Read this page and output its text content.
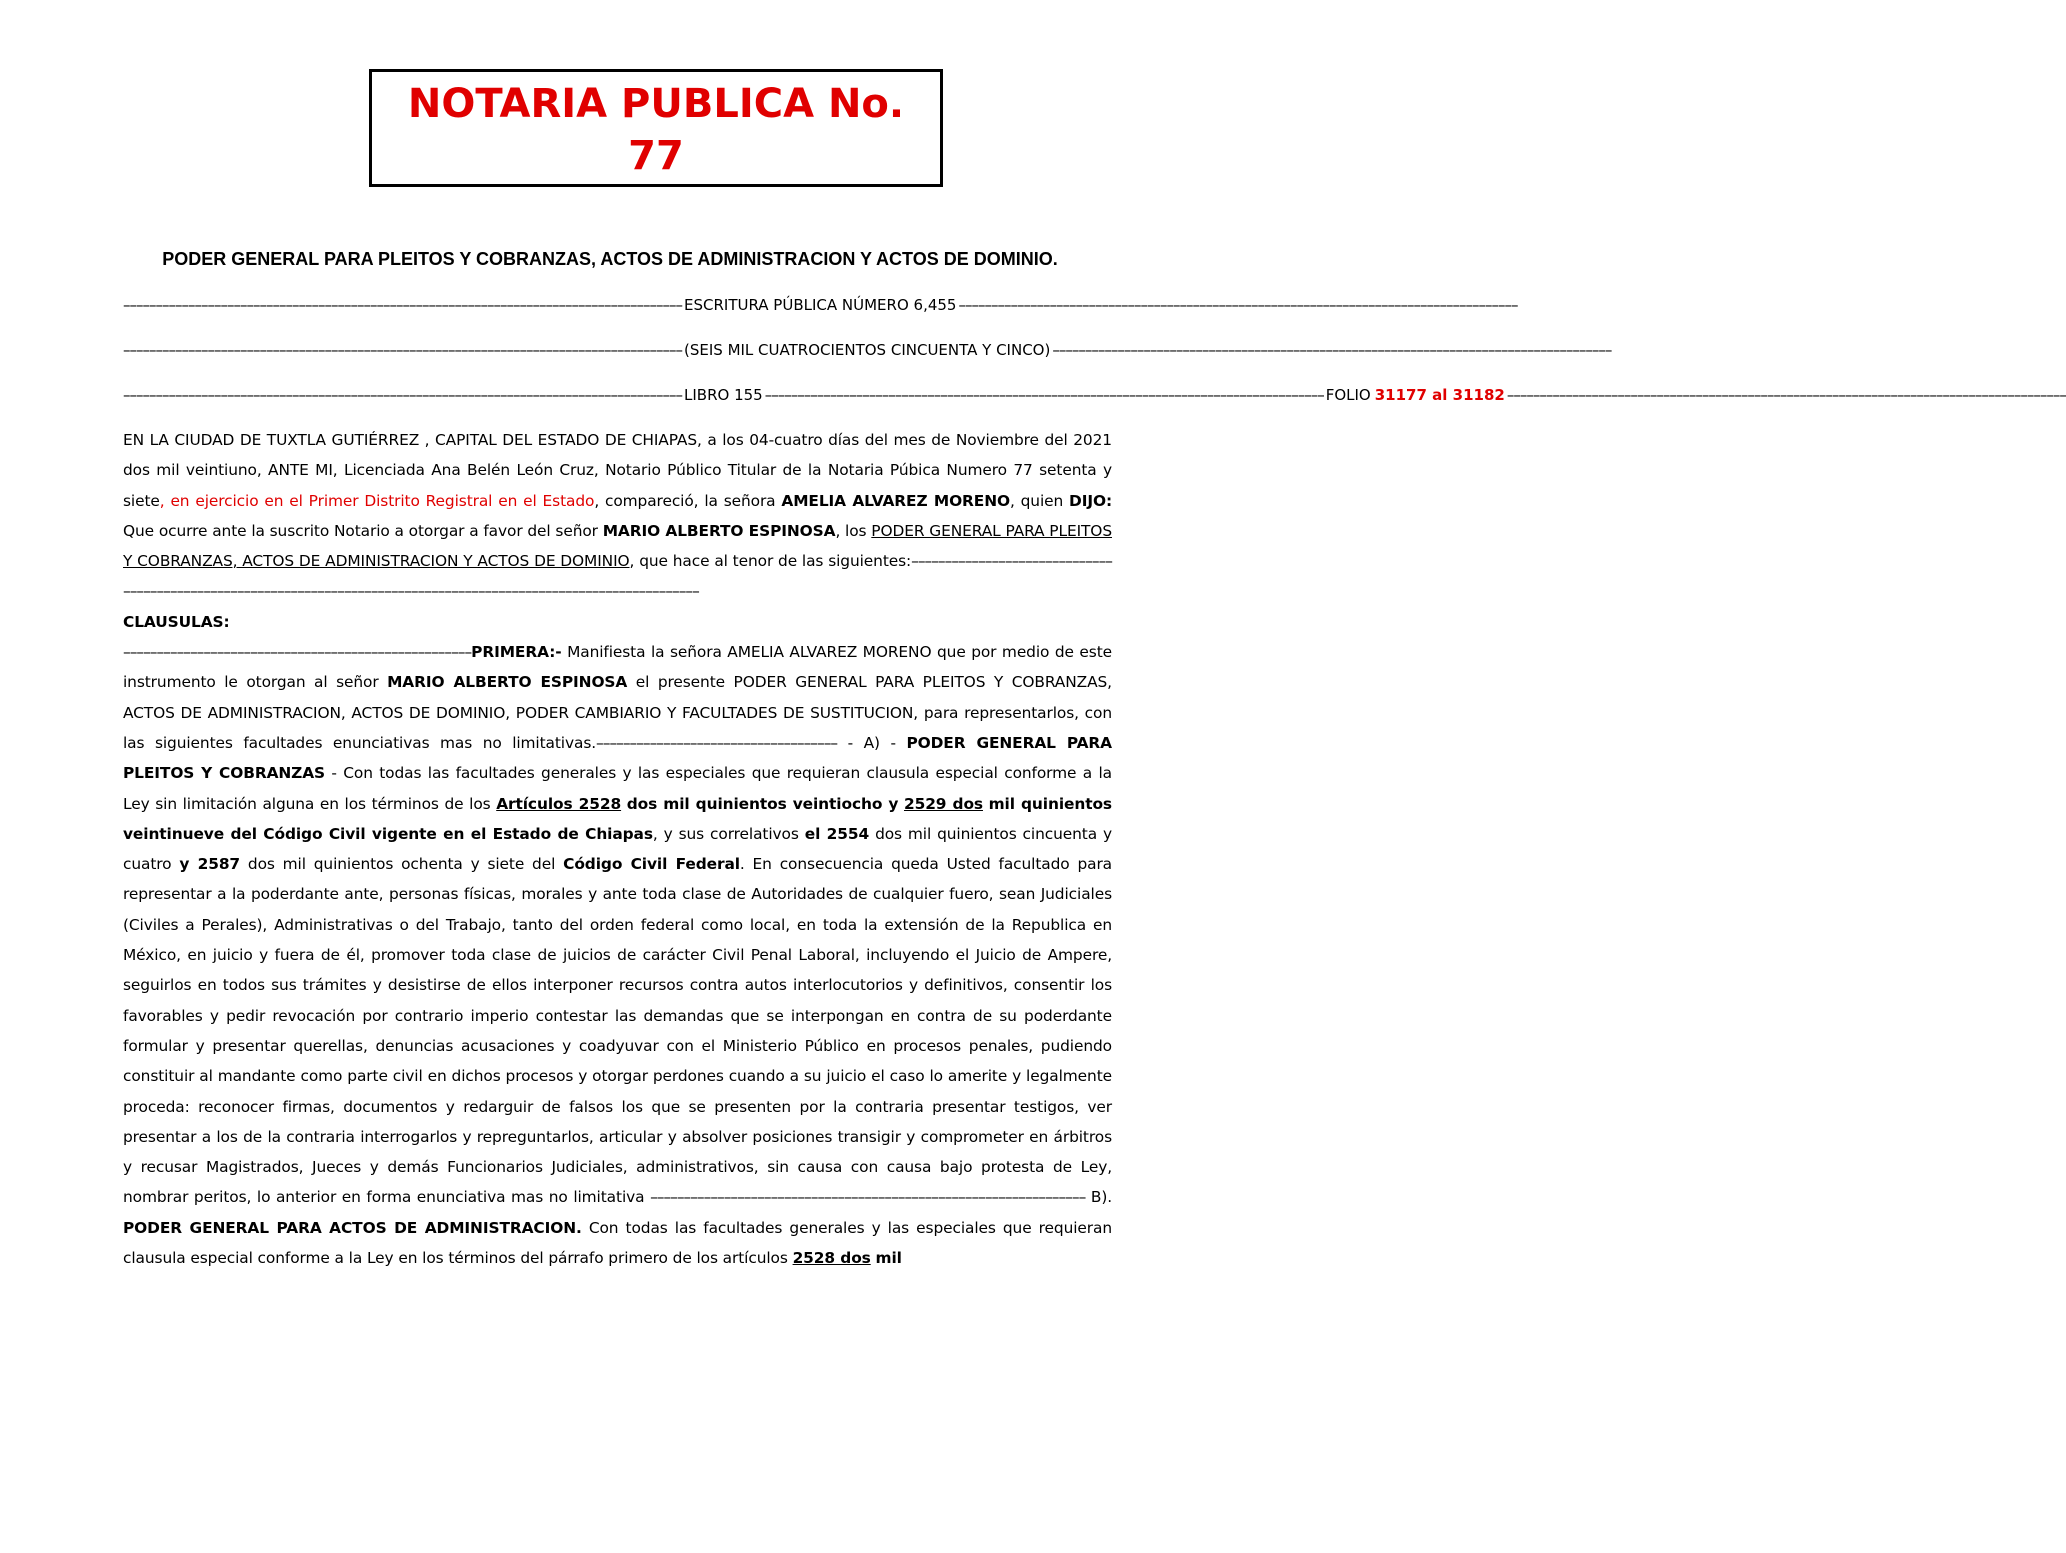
NOTARIA PUBLICA No.
77
PODER GENERAL PARA PLEITOS Y COBRANZAS, ACTOS DE ADMINISTRACION Y ACTOS DE DOMINIO.
–––––––––––––––––––––––––––––––––––––––––––––––––––––––––––––––––––––––––––––––––––––– ESCRITURA PÚBLICA NÚMERO 6,455 ––––––––––––––––––––––––––––––––––––––––––––––––––––––––––––––––––––––––––––––––––––––
–––––––––––––––––––––––––––––––––––––––––––––––––––––––––––––––––––––––––––––––––––––– (SEIS MIL CUATROCIENTOS CINCUENTA Y CINCO) ––––––––––––––––––––––––––––––––––––––––––––––––––––––––––––––––––––––––––––––––––––––
–––––––––––––––––––––––––––––––––––––––––––––––––––––––––––––––––––––––––––––––––––––– LIBRO 155 –––––––––––––––––––––––––––––––––––––––––––––––––––––––––––––––––––––––––––––––––––––– FOLIO 31177 al 31182 ––––––––––––––––––––––––––––––––––––––––––––––––––––––––––––––––––––––––––––––––––––––

EN LA CIUDAD DE TUXTLA GUTIÉRREZ , CAPITAL DEL ESTADO DE CHIAPAS, a los 04-cuatro días del mes de Noviembre del 2021 dos mil veintiuno, ANTE MI, Licenciada Ana Belén León Cruz, Notario Público Titular de la Notaria Púbica Numero 77 setenta y siete, en ejercicio en el Primer Distrito Registral en el Estado, compareció, la señora AMELIA ALVAREZ MORENO, quien DIJO: Que ocurre ante la suscrito Notario a otorgar a favor del señor MARIO ALBERTO ESPINOSA, los PODER GENERAL PARA PLEITOS Y COBRANZAS, ACTOS DE ADMINISTRACION Y ACTOS DE DOMINIO, que hace al tenor de las siguientes:––––––––––––––––––––––––––––––––––––––––––––––––––––––––––––––––––––––––––––––––––––––––––––––––––––––––––––––––––––

CLAUSULAS:

––––––––––––––––––––––––––––––––––––––––––––––––––––PRIMERA:- Manifiesta la señora AMELIA ALVAREZ MORENO que por medio de este instrumento le otorgan al señor MARIO ALBERTO ESPINOSA el presente PODER GENERAL PARA PLEITOS Y COBRANZAS, ACTOS DE ADMINISTRACION, ACTOS DE DOMINIO, PODER CAMBIARIO Y FACULTADES DE SUSTITUCION, para representarlos, con las siguientes facultades enunciativas mas no limitativas.–––––––––––––––––––––––––––––––––––– - A) - PODER GENERAL PARA PLEITOS Y COBRANZAS - Con todas las facultades generales y las especiales que requieran clausula especial conforme a la Ley sin limitación alguna en los términos de los Artículos 2528 dos mil quinientos veintiocho y 2529 dos mil quinientos veintinueve del Código Civil vigente en el Estado de Chiapas, y sus correlativos el 2554 dos mil quinientos cincuenta y cuatro y 2587 dos mil quinientos ochenta y siete del Código Civil Federal. En consecuencia queda Usted facultado para representar a la poderdante ante, personas físicas, morales y ante toda clase de Autoridades de cualquier fuero, sean Judiciales (Civiles a Perales), Administrativas o del Trabajo, tanto del orden federal como local, en toda la extensión de la Republica en México, en juicio y fuera de él, promover toda clase de juicios de carácter Civil Penal Laboral, incluyendo el Juicio de Ampere, seguirlos en todos sus trámites y desistirse de ellos interponer recursos contra autos interlocutorios y definitivos, consentir los favorables y pedir revocación por contrario imperio contestar las demandas que se interpongan en contra de su poderdante formular y presentar querellas, denuncias acusaciones y coadyuvar con el Ministerio Público en procesos penales, pudiendo constituir al mandante como parte civil en dichos procesos y otorgar perdones cuando a su juicio el caso lo amerite y legalmente proceda: reconocer firmas, documentos y redarguir de falsos los que se presenten por la contraria presentar testigos, ver presentar a los de la contraria interrogarlos y repreguntarlos, articular y absolver posiciones transigir y comprometer en árbitros y recusar Magistrados, Jueces y demás Funcionarios Judiciales, administrativos, sin causa con causa bajo protesta de Ley, nombrar peritos, lo anterior en forma enunciativa mas no limitativa ––––––––––––––––––––––––––––––––––––––––––––––––––––––––––––––––– B). PODER GENERAL PARA ACTOS DE ADMINISTRACION. Con todas las facultades generales y las especiales que requieran clausula especial conforme a la Ley en los términos del párrafo primero de los artículos 2528 dos mil
